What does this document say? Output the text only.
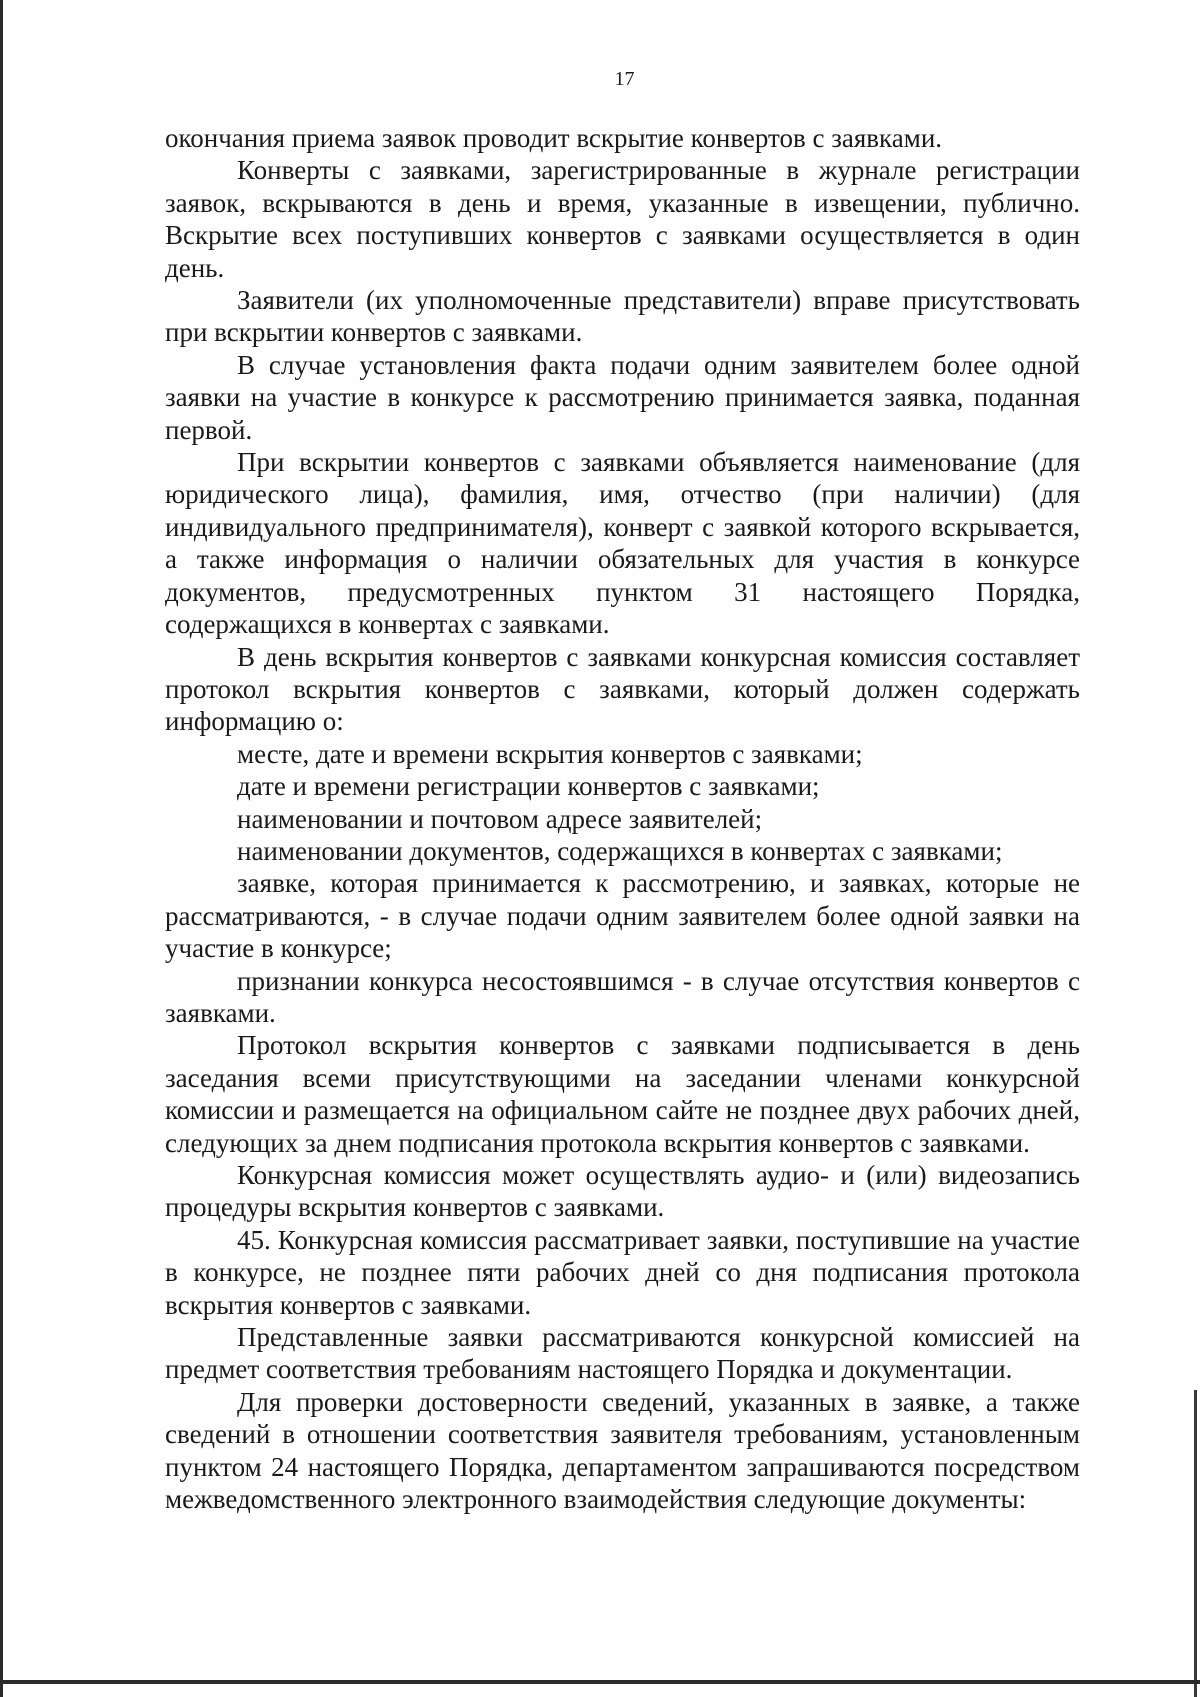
17

окончания приема заявок проводит вскрытие конвертов с заявками.

Конверты с заявками, зарегистрированные в журнале регистрации заявок, вскрываются в день и время, указанные в извещении, публично. Вскрытие всех поступивших конвертов с заявками осуществляется в один день.

Заявители (их уполномоченные представители) вправе присутствовать при вскрытии конвертов с заявками.

В случае установления факта подачи одним заявителем более одной заявки на участие в конкурсе к рассмотрению принимается заявка, поданная первой.

При вскрытии конвертов с заявками объявляется наименование (для юридического лица), фамилия, имя, отчество (при наличии) (для индивидуального предпринимателя), конверт с заявкой которого вскрывается, а также информация о наличии обязательных для участия в конкурсе документов, предусмотренных пунктом 31 настоящего Порядка, содержащихся в конвертах с заявками.

В день вскрытия конвертов с заявками конкурсная комиссия составляет протокол вскрытия конвертов с заявками, который должен содержать информацию о:

месте, дате и времени вскрытия конвертов с заявками;

дате и времени регистрации конвертов с заявками;

наименовании и почтовом адресе заявителей;

наименовании документов, содержащихся в конвертах с заявками;

заявке, которая принимается к рассмотрению, и заявках, которые не рассматриваются, - в случае подачи одним заявителем более одной заявки на участие в конкурсе;

признании конкурса несостоявшимся - в случае отсутствия конвертов с заявками.

Протокол вскрытия конвертов с заявками подписывается в день заседания всеми присутствующими на заседании членами конкурсной комиссии и размещается на официальном сайте не позднее двух рабочих дней, следующих за днем подписания протокола вскрытия конвертов с заявками.

Конкурсная комиссия может осуществлять аудио- и (или) видеозапись процедуры вскрытия конвертов с заявками.

45. Конкурсная комиссия рассматривает заявки, поступившие на участие в конкурсе, не позднее пяти рабочих дней со дня подписания протокола вскрытия конвертов с заявками.

Представленные заявки рассматриваются конкурсной комиссией на предмет соответствия требованиям настоящего Порядка и документации.

Для проверки достоверности сведений, указанных в заявке, а также сведений в отношении соответствия заявителя требованиям, установленным пунктом 24 настоящего Порядка, департаментом запрашиваются посредством межведомственного электронного взаимодействия следующие документы:
